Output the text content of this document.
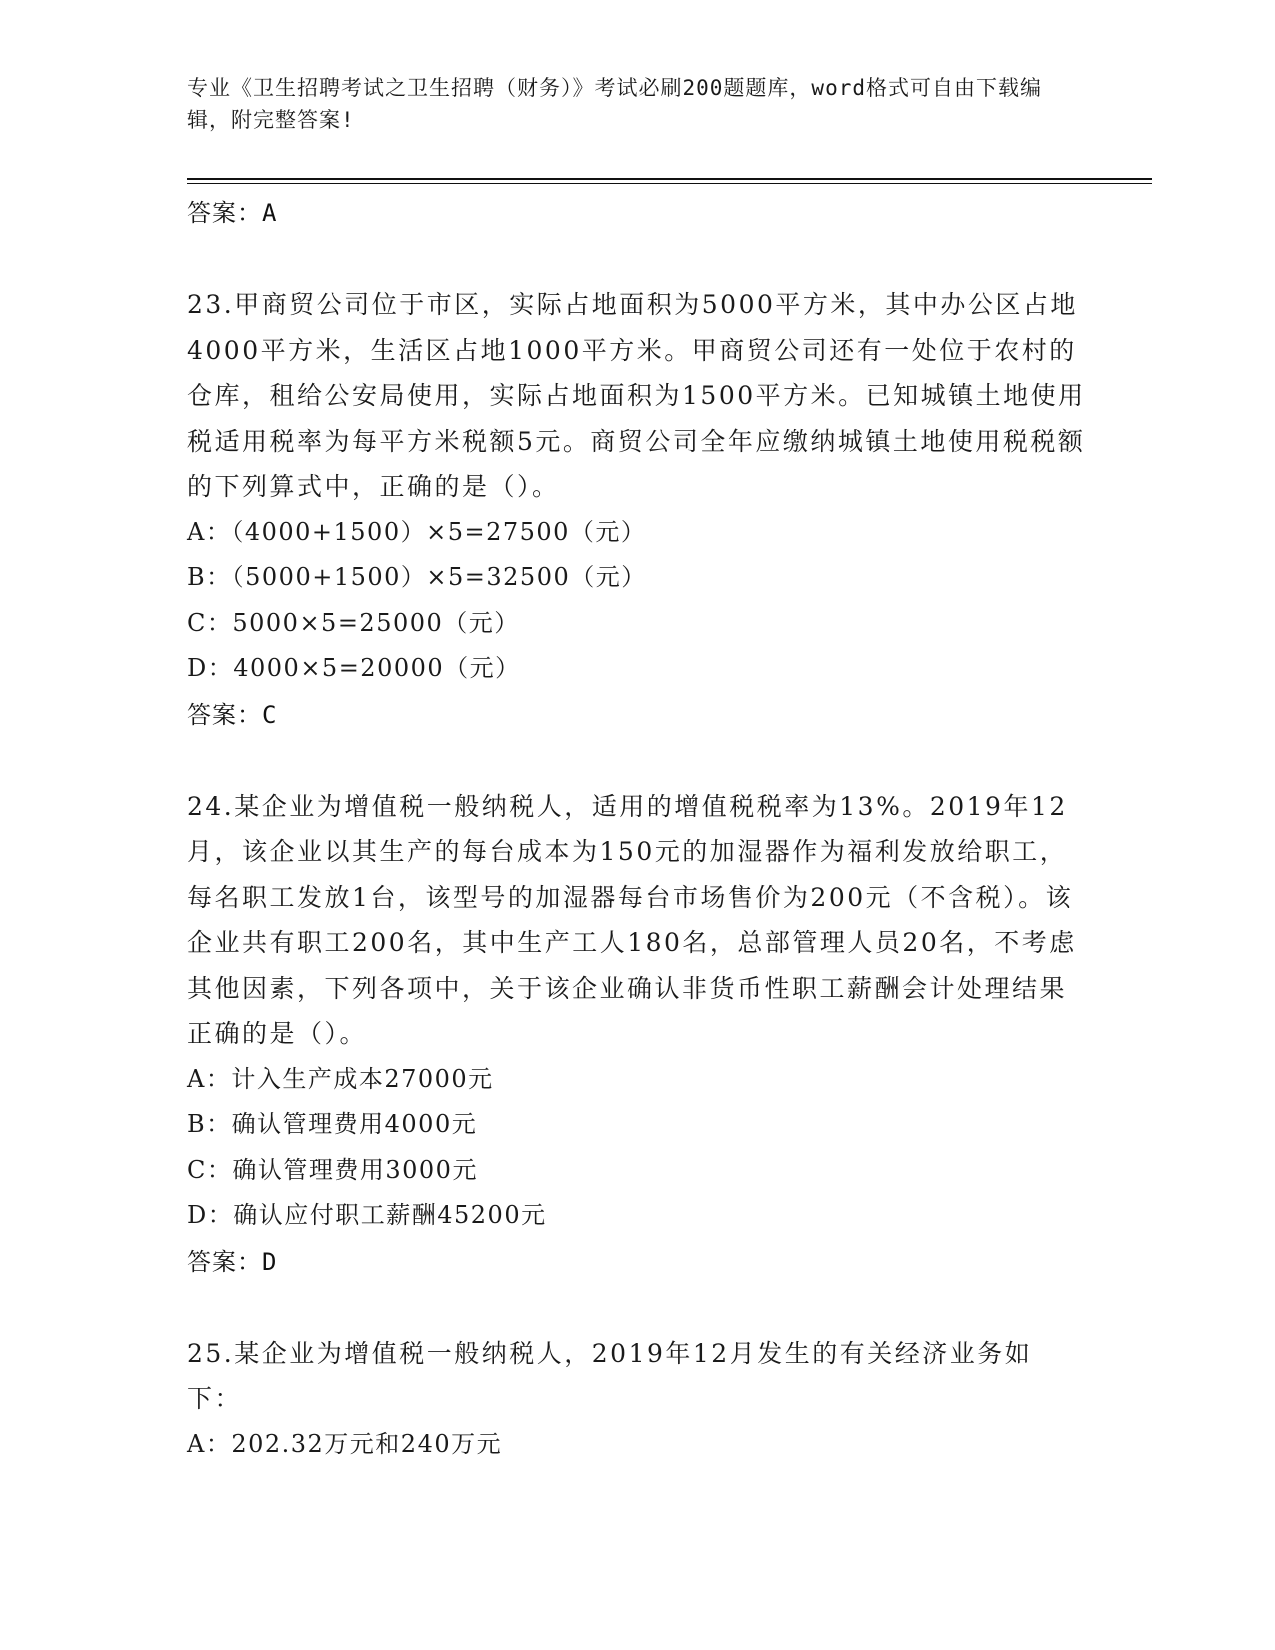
专业《卫生招聘考试之卫生招聘（财务）》考试必刷200题题库，word格式可自由下载编辑，附完整答案!
答案：A

23.甲商贸公司位于市区，实际占地面积为5000平方米，其中办公区占地4000平方米，生活区占地1000平方米。甲商贸公司还有一处位于农村的仓库，租给公安局使用，实际占地面积为1500平方米。已知城镇土地使用税适用税率为每平方米税额5元。商贸公司全年应缴纳城镇土地使用税税额的下列算式中，正确的是（）。

A：（4000+1500）×5=27500（元）
B：（5000+1500）×5=32500（元）
C：5000×5=25000（元）
D：4000×5=20000（元）
答案：C

24.某企业为增值税一般纳税人，适用的增值税税率为13%。2019年12月，该企业以其生产的每台成本为150元的加湿器作为福利发放给职工，每名职工发放1台，该型号的加湿器每台市场售价为200元（不含税）。该企业共有职工200名，其中生产工人180名，总部管理人员20名，不考虑其他因素，下列各项中，关于该企业确认非货币性职工薪酬会计处理结果正确的是（）。

A：计入生产成本27000元
B：确认管理费用4000元
C：确认管理费用3000元
D：确认应付职工薪酬45200元
答案：D

25.某企业为增值税一般纳税人，2019年12月发生的有关经济业务如下：

A：202.32万元和240万元
